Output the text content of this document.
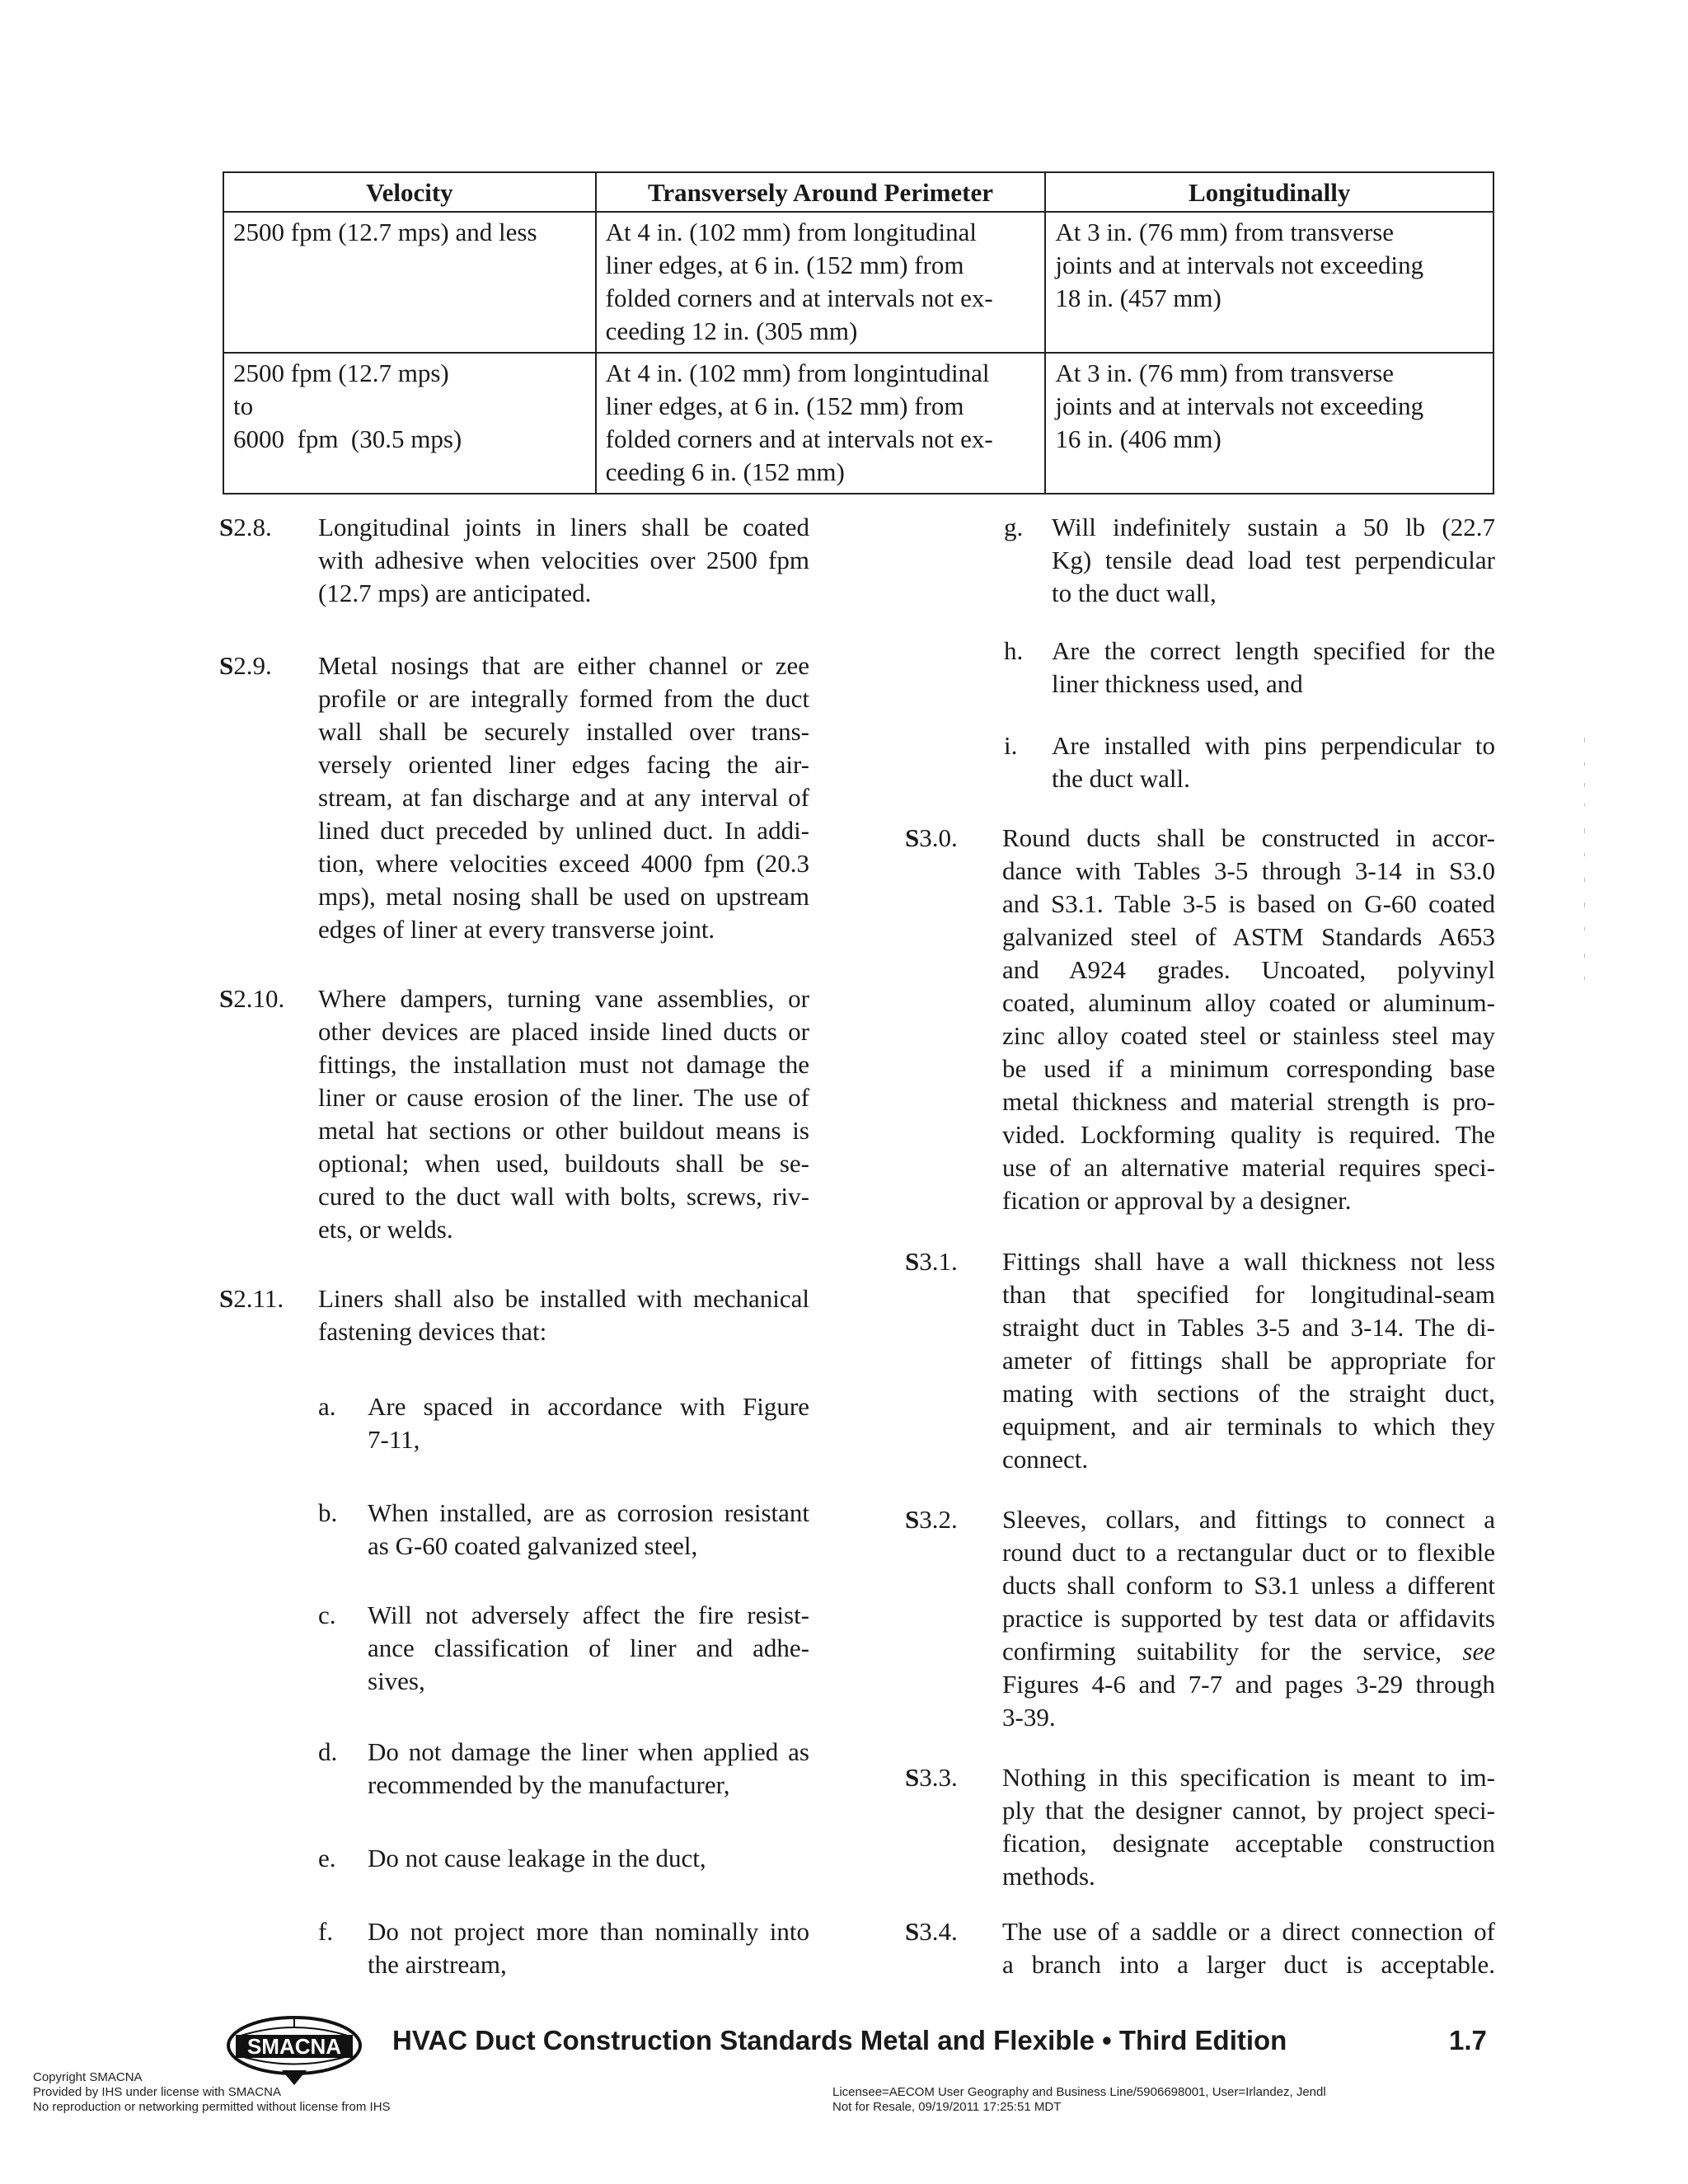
Velocity	Transversely Around Perimeter	Longitudinally

2500 fpm (12.7 mps) and less	At 4 in. (102 mm) from longitudinal
liner edges, at 6 in. (152 mm) from
folded corners and at intervals not ex-
ceeding 12 in. (305 mm)	At 3 in. (76 mm) from transverse
joints and at intervals not exceeding
18 in. (457 mm)

2500 fpm (12.7 mps)
to
6000  fpm  (30.5 mps)	At 4 in. (102 mm) from longintudinal
liner edges, at 6 in. (152 mm) from
folded corners and at intervals not ex-
ceeding 6 in. (152 mm)	At 3 in. (76 mm) from transverse
joints and at intervals not exceeding
16 in. (406 mm)
S2.8. Longitudinal joints in liners shall be coated
with adhesive when velocities over 2500 fpm
(12.7 mps) are anticipated.
S2.9. Metal nosings that are either channel or zee
profile or are integrally formed from the duct
wall shall be securely installed over trans-
versely oriented liner edges facing the air-
stream, at fan discharge and at any interval of
lined duct preceded by unlined duct. In addi-
tion, where velocities exceed 4000 fpm (20.3
mps), metal nosing shall be used on upstream
edges of liner at every transverse joint.
S2.10. Where dampers, turning vane assemblies, or
other devices are placed inside lined ducts or
fittings, the installation must not damage the
liner or cause erosion of the liner. The use of
metal hat sections or other buildout means is
optional; when used, buildouts shall be se-
cured to the duct wall with bolts, screws, riv-
ets, or welds.
S2.11. Liners shall also be installed with mechanical
fastening devices that:
a. Are spaced in accordance with Figure
7-11,
b. When installed, are as corrosion resistant
as G-60 coated galvanized steel,
c. Will not adversely affect the fire resist-
ance classification of liner and adhe-
sives,
d. Do not damage the liner when applied as
recommended by the manufacturer,
e. Do not cause leakage in the duct,
f. Do not project more than nominally into
the airstream,
g. Will indefinitely sustain a 50 lb (22.7
Kg) tensile dead load test perpendicular
to the duct wall,
h. Are the correct length specified for the
liner thickness used, and
i. Are installed with pins perpendicular to
the duct wall.
S3.0. Round ducts shall be constructed in accor-
dance with Tables 3-5 through 3-14 in S3.0
and S3.1. Table 3-5 is based on G-60 coated
galvanized steel of ASTM Standards A653
and A924 grades. Uncoated, polyvinyl
coated, aluminum alloy coated or aluminum-
zinc alloy coated steel or stainless steel may
be used if a minimum corresponding base
metal thickness and material strength is pro-
vided. Lockforming quality is required. The
use of an alternative material requires speci-
fication or approval by a designer.
S3.1. Fittings shall have a wall thickness not less
than that specified for longitudinal-seam
straight duct in Tables 3-5 and 3-14. The di-
ameter of fittings shall be appropriate for
mating with sections of the straight duct,
equipment, and air terminals to which they
connect.
S3.2. Sleeves, collars, and fittings to connect a
round duct to a rectangular duct or to flexible
ducts shall conform to S3.1 unless a different
practice is supported by test data or affidavits
confirming suitability for the service, see
Figures 4-6 and 7-7 and pages 3-29 through
3-39.
S3.3. Nothing in this specification is meant to im-
ply that the designer cannot, by project speci-
fication, designate acceptable construction
methods.
S3.4. The use of a saddle or a direct connection of
a branch into a larger duct is acceptable.
SMACNA HVAC Duct Construction Standards Metal and Flexible • Third Edition	1.7
Copyright SMACNA
Provided by IHS under license with SMACNA
No reproduction or networking permitted without license from IHS
Licensee=AECOM User Geography and Business Line/5906698001, User=Irlandez, Jendl
Not for Resale, 09/19/2011 17:25:51 MDT
